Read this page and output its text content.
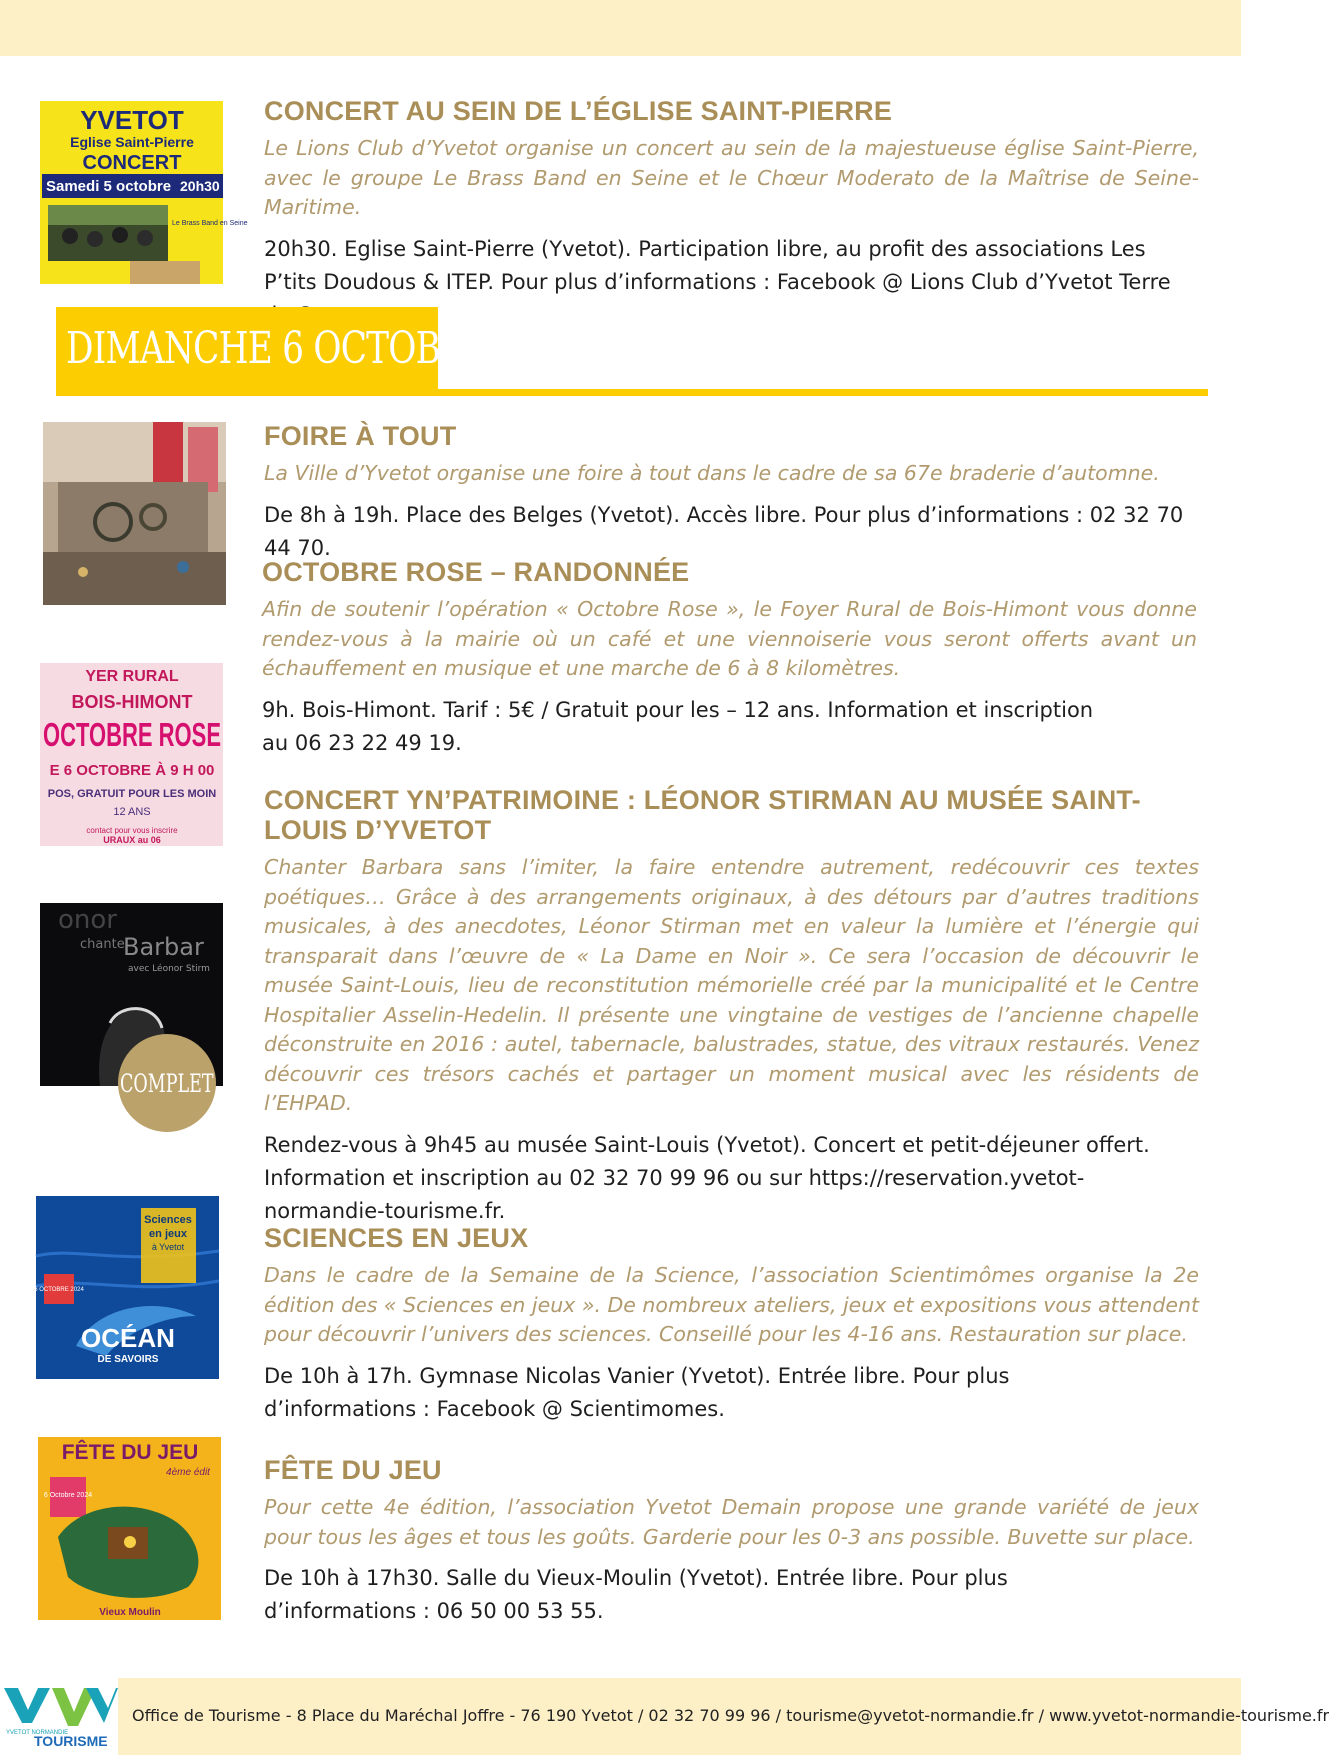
YVETOT
Eglise Saint-Pierre
CONCERT
Samedi 5 octobre 20h30
Le Brass Band en Seine
CONCERT AU SEIN DE L’ÉGLISE SAINT-PIERRE

Le Lions Club d’Yvetot organise un concert au sein de la majestueuse église Saint-Pierre, avec le groupe Le Brass Band en Seine et le Chœur Moderato de la Maîtrise de Seine-Maritime.

20h30. Eglise Saint-Pierre (Yvetot). Participation libre, au profit des associations Les P’tits Doudous & ITEP. Pour plus d’informations : Facebook @ Lions Club d’Yvetot Terre

DIMANCHE 6 OCTOBRE
FOIRE À TOUT

La Ville d’Yvetot organise une foire à tout dans le cadre de sa 67e braderie d’automne.

De 8h à 19h. Place des Belges (Yvetot). Accès libre. Pour plus d’informations : 02 32 70 44 70.

OCTOBRE ROSE – RANDONNÉE

Afin de soutenir l’opération « Octobre Rose », le Foyer Rural de Bois-Himont vous donne rendez-vous à la mairie où un café et une viennoiserie vous seront offerts avant un échauffement en musique et une marche de 6 à 8 kilomètres.

9h. Bois-Himont. Tarif : 5€ / Gratuit pour les – 12 ans. Information et inscription au 06 23 22 49 19.

YER RURAL
BOIS-HIMONT
OCTOBRE ROSE
E 6 OCTOBRE À 9 H 00
POS, GRATUIT POUR LES MOIN
12 ANS
contact pour vous inscrire
URAUX au 06
CONCERT YN’PATRIMOINE : LÉONOR STIRMAN AU MUSÉE SAINT-LOUIS D’YVETOT

Chanter Barbara sans l’imiter, la faire entendre autrement, redécouvrir ces textes poétiques… Grâce à des arrangements originaux, à des détours par d’autres traditions musicales, à des anecdotes, Léonor Stirman met en valeur la lumière et l’énergie qui transparait dans l’œuvre de « La Dame en Noir ». Ce sera l’occasion de découvrir le musée Saint-Louis, lieu de reconstitution mémorielle créé par la municipalité et le Centre Hospitalier Asselin-Hedelin. Il présente une vingtaine de vestiges de l’ancienne chapelle déconstruite en 2016 : autel, tabernacle, balustrades, statue, des vitraux restaurés. Venez découvrir ces trésors cachés et partager un moment musical avec les résidents de l’EHPAD.

Rendez-vous à 9h45 au musée Saint-Louis (Yvetot). Concert et petit-déjeuner offert. Information et inscription au 02 32 70 99 96 ou sur https://reservation.yvetot-normandie-tourisme.fr.

onor
chante
Barbar
avec Léonor Stirm
COMPLET
SCIENCES EN JEUX

Dans le cadre de la Semaine de la Science, l’association Scientimômes organise la 2e édition des « Sciences en jeux ». De nombreux ateliers, jeux et expositions vous attendent pour découvrir l’univers des sciences. Conseillé pour les 4-16 ans. Restauration sur place.

De 10h à 17h. Gymnase Nicolas Vanier (Yvetot). Entrée libre. Pour plus d’informations : Facebook @ Scientimomes.

Sciences
en jeux
à Yvetot
6 OCTOBRE 2024
OCÉAN
DE SAVOIRS
FÊTE DU JEU

Pour cette 4e édition, l’association Yvetot Demain propose une grande variété de jeux pour tous les âges et tous les goûts. Garderie pour les 0-3 ans possible. Buvette sur place.

De 10h à 17h30. Salle du Vieux-Moulin (Yvetot). Entrée libre. Pour plus d’informations : 06 50 00 53 55.

FÊTE DU JEU
4ème édit
6 Octobre 2024
Vieux Moulin
YVETOT NORMANDIE
TOURISME
Office de Tourisme - 8 Place du Maréchal Joffre - 76 190 Yvetot / 02 32 70 99 96 / tourisme@yvetot-normandie.fr / www.yvetot-normandie-tourisme.fr
